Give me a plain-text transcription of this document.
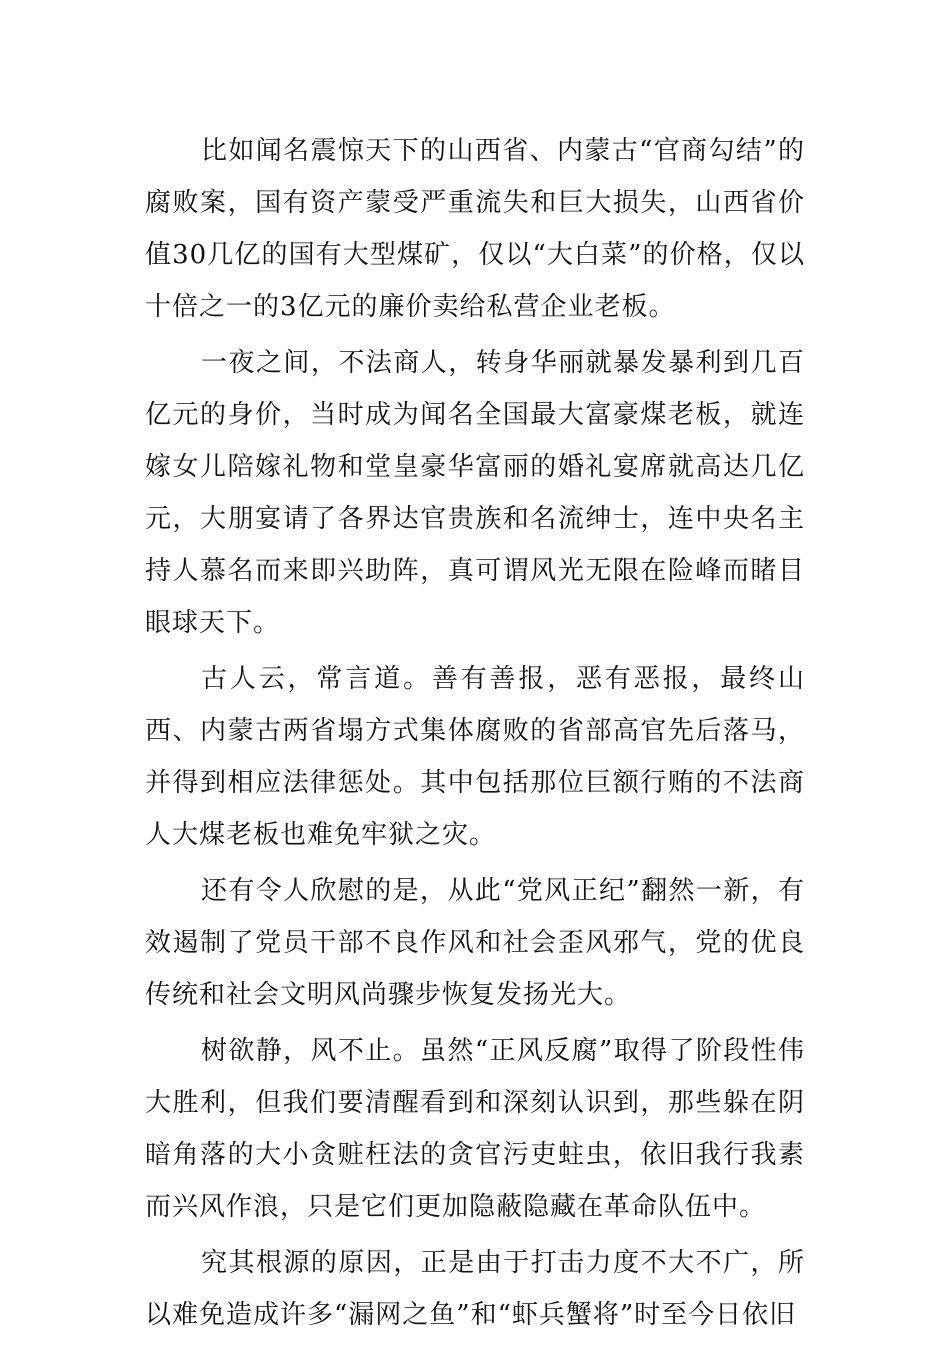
比如闻名震惊天下的山西省、内蒙古“官商勾结”的腐败案，国有资产蒙受严重流失和巨大损失，山西省价值30几亿的国有大型煤矿，仅以“大白菜”的价格，仅以十倍之一的3亿元的廉价卖给私营企业老板。

一夜之间，不法商人，转身华丽就暴发暴利到几百亿元的身价，当时成为闻名全国最大富豪煤老板，就连嫁女儿陪嫁礼物和堂皇豪华富丽的婚礼宴席就高达几亿元，大朋宴请了各界达官贵族和名流绅士，连中央名主持人慕名而来即兴助阵，真可谓风光无限在险峰而睹目眼球天下。

古人云，常言道。善有善报，恶有恶报，最终山西、内蒙古两省塌方式集体腐败的省部高官先后落马，并得到相应法律惩处。其中包括那位巨额行贿的不法商人大煤老板也难免牢狱之灾。

还有令人欣慰的是，从此“党风正纪”翻然一新，有效遏制了党员干部不良作风和社会歪风邪气，党的优良传统和社会文明风尚骤步恢复发扬光大。

树欲静，风不止。虽然“正风反腐”取得了阶段性伟大胜利，但我们要清醒看到和深刻认识到，那些躲在阴暗角落的大小贪赃枉法的贪官污吏蛀虫，依旧我行我素而兴风作浪，只是它们更加隐蔽隐藏在革命队伍中。

究其根源的原因，正是由于打击力度不大不广，所以难免造成许多“漏网之鱼”和“虾兵蟹将”时至今日依旧
